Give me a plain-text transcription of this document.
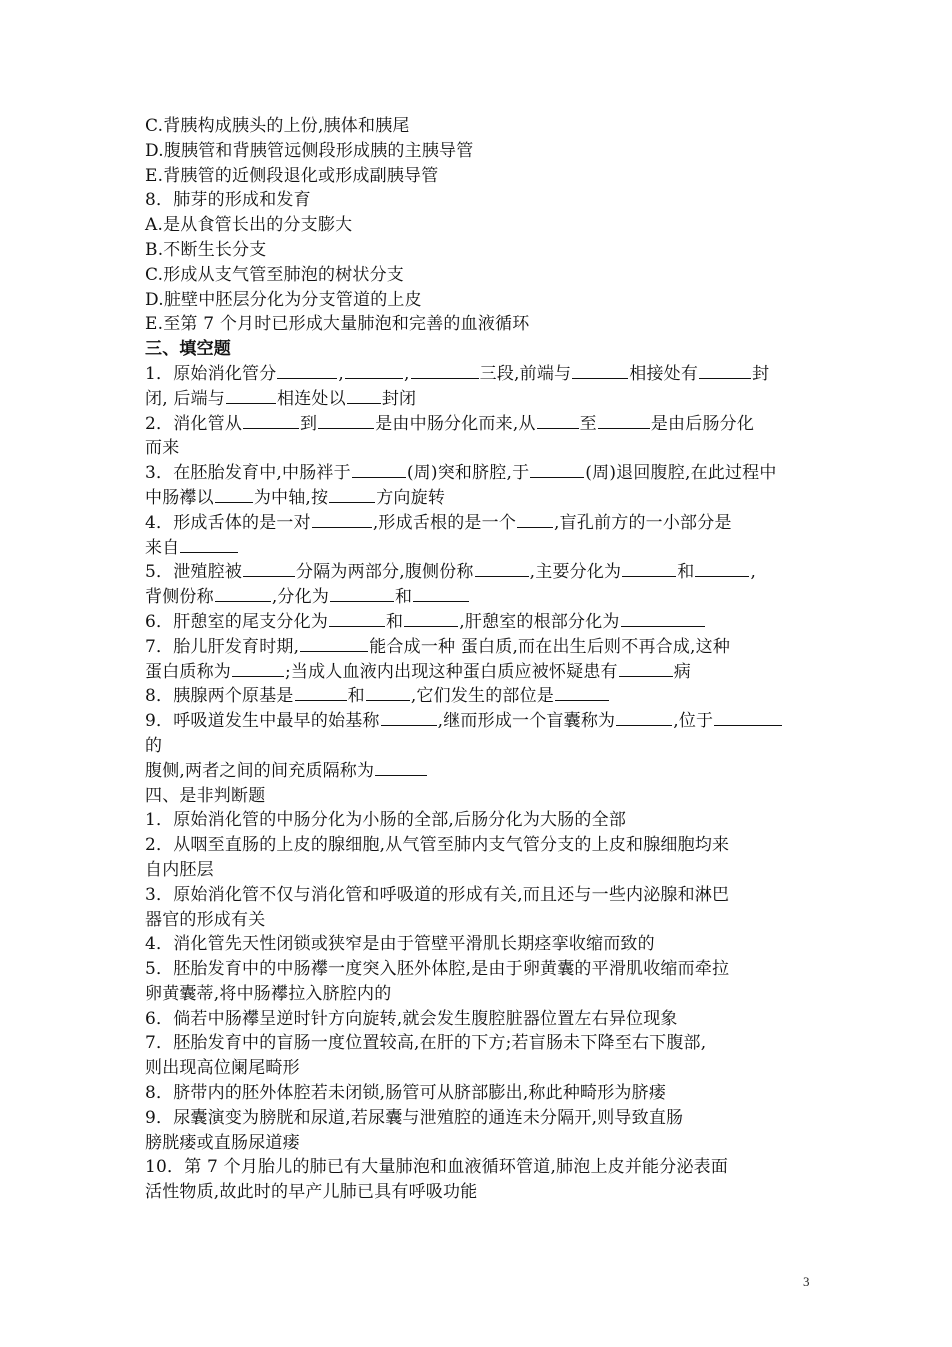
C.背胰构成胰头的上份,胰体和胰尾
D.腹胰管和背胰管远侧段形成胰的主胰导管
E.背胰管的近侧段退化或形成副胰导管
8．肺芽的形成和发育
A.是从食管长出的分支膨大
B.不断生长分支
C.形成从支气管至肺泡的树状分支
D.脏壁中胚层分化为分支管道的上皮
E.至第 7 个月时已形成大量肺泡和完善的血液循环
三、填空题
1．原始消化管分	,	,	三段,前端与	相接处有	封
闭, 后端与	相连处以 封闭
2．消化管从	到	是由中肠分化而来,从	至	是由后肠分化
而来
3．在胚胎发育中,中肠袢于	(周)突和脐腔,于	(周)退回腹腔,在此过程中
中肠襻以 为中轴,按	方向旋转
4．形成舌体的是一对	,形成舌根的是一个 ,盲孔前方的一小部分是
来自
5．泄殖腔被	分隔为两部分,腹侧份称	,主要分化为	和	,
背侧份称	,分化为	和
6．肝憩室的尾支分化为	和	,肝憩室的根部分化为
7．胎儿肝发育时期,	能合成一种 蛋白质,而在出生后则不再合成,这种
蛋白质称为	;当成人血液内出现这种蛋白质应被怀疑患有	病
8．胰腺两个原基是	和	,它们发生的部位是
9．呼吸道发生中最早的始基称	,继而形成一个盲囊称为	,位于
的
腹侧,两者之间的间充质隔称为
四、是非判断题
1．原始消化管的中肠分化为小肠的全部,后肠分化为大肠的全部
2．从咽至直肠的上皮的腺细胞,从气管至肺内支气管分支的上皮和腺细胞均来
自内胚层
3．原始消化管不仅与消化管和呼吸道的形成有关,而且还与一些内泌腺和淋巴
器官的形成有关
4．消化管先天性闭锁或狭窄是由于管壁平滑肌长期痉挛收缩而致的
5．胚胎发育中的中肠襻一度突入胚外体腔,是由于卵黄囊的平滑肌收缩而牵拉
卵黄囊蒂,将中肠襻拉入脐腔内的
6．倘若中肠襻呈逆时针方向旋转,就会发生腹腔脏器位置左右异位现象
7．胚胎发育中的盲肠一度位置较高,在肝的下方;若盲肠未下降至右下腹部,
则出现高位阑尾畸形
8．脐带内的胚外体腔若未闭锁,肠管可从脐部膨出,称此种畸形为脐瘘
9．尿囊演变为膀胱和尿道,若尿囊与泄殖腔的通连未分隔开,则导致直肠
膀胱瘘或直肠尿道瘘
10．第 7 个月胎儿的肺已有大量肺泡和血液循环管道,肺泡上皮并能分泌表面
活性物质,故此时的早产儿肺已具有呼吸功能
3
